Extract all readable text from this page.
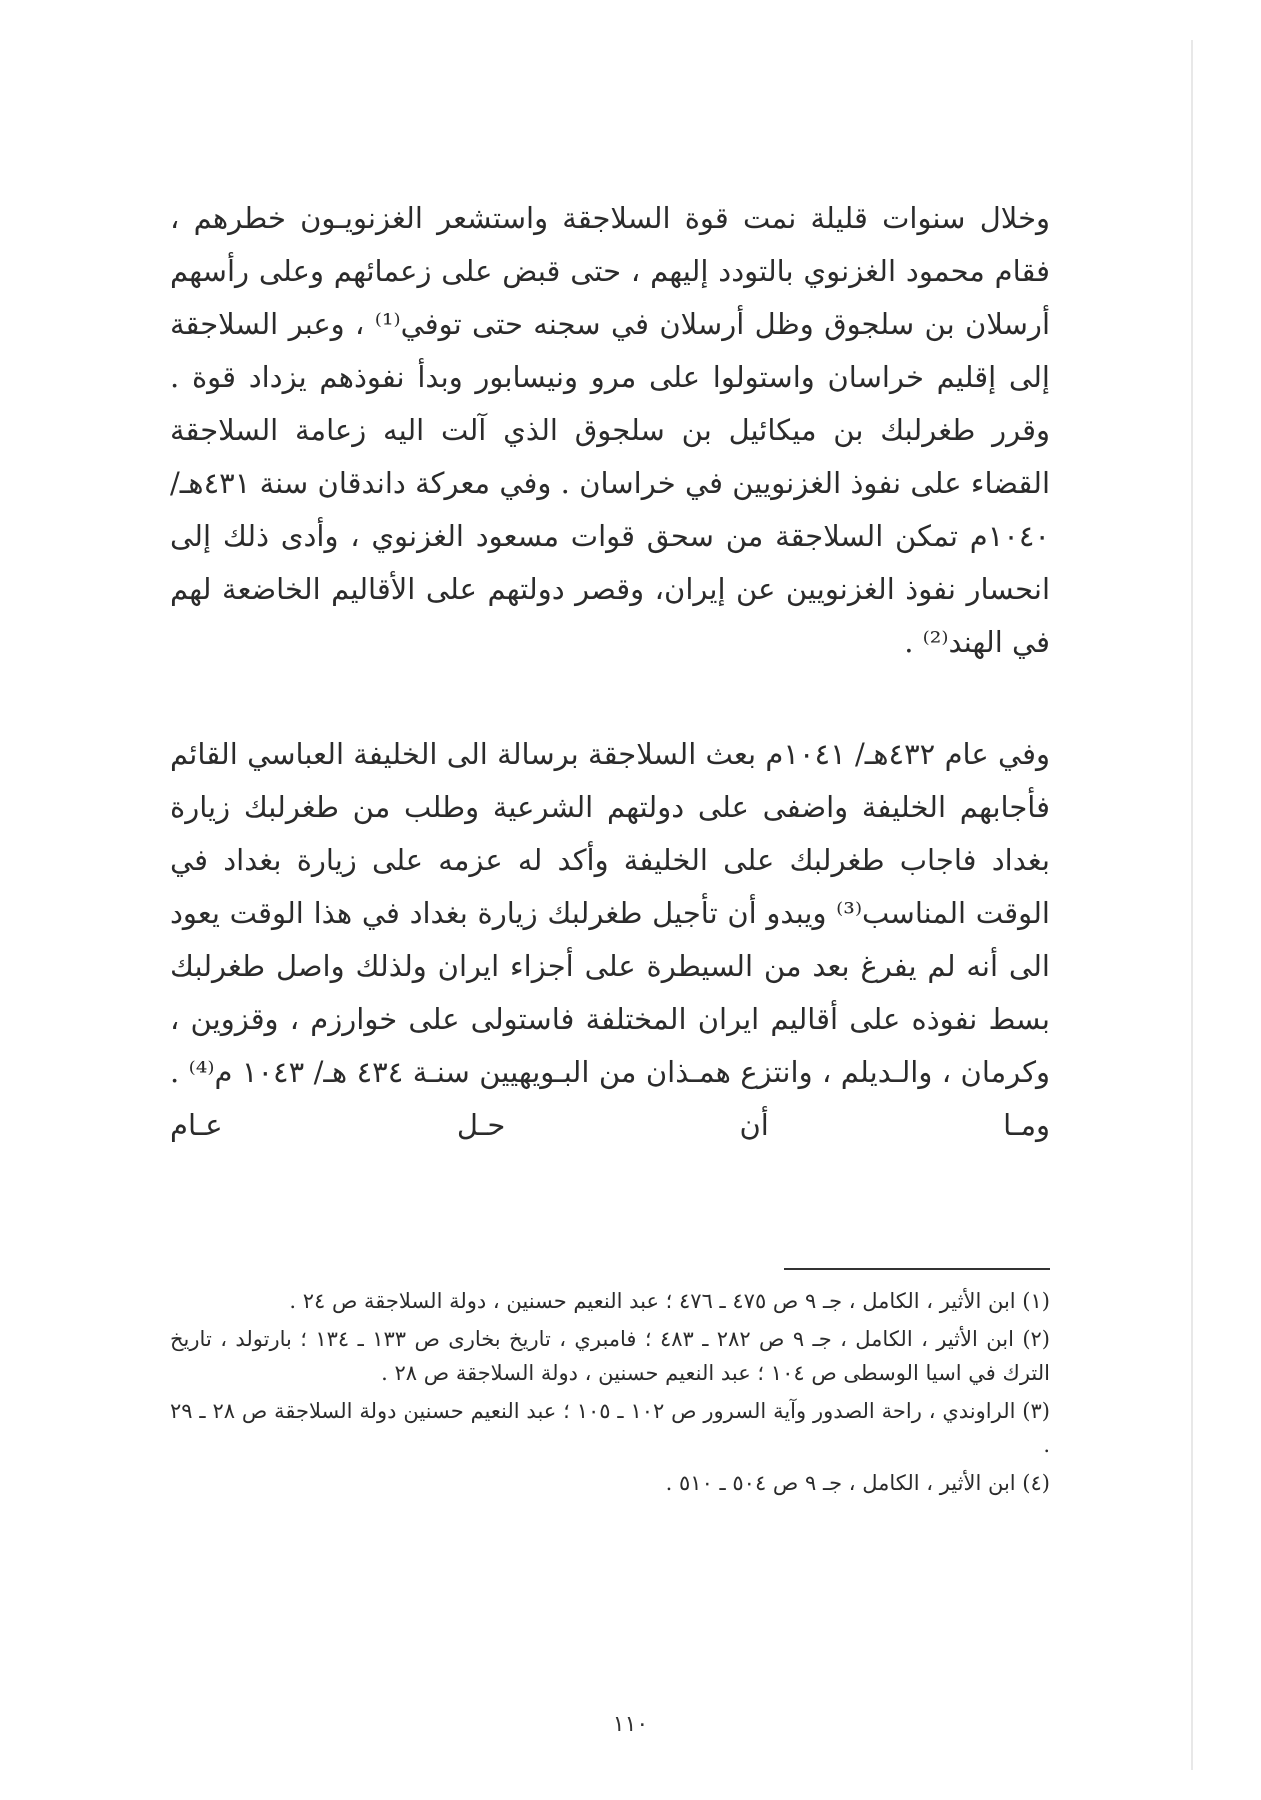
وخلال سنوات قليلة نمت قوة السلاجقة واستشعر الغزنويـون خطرهم ، فقام محمود الغزنوي بالتودد إليهم ، حتى قبض على زعمائهم وعلى رأسهم أرسلان بن سلجوق وظل أرسلان في سجنه حتى توفي⁽¹⁾ ، وعبر السلاجقة إلى إقليم خراسان واستولوا على مرو ونيسابور وبدأ نفوذهم يزداد قوة . وقرر طغرلبك بن ميكائيل بن سلجوق الذي آلت اليه زعامة السلاجقة القضاء على نفوذ الغزنويين في خراسان . وفي معركة داندقان سنة ٤٣١هـ/ ١٠٤٠م تمكن السلاجقة من سحق قوات مسعود الغزنوي ، وأدى ذلك إلى انحسار نفوذ الغزنويين عن إيران، وقصر دولتهم على الأقاليم الخاضعة لهم في الهند⁽²⁾ .

وفي عام ٤٣٢هـ/ ١٠٤١م بعث السلاجقة برسالة الى الخليفة العباسي القائم فأجابهم الخليفة واضفى على دولتهم الشرعية وطلب من طغرلبك زيارة بغداد فاجاب طغرلبك على الخليفة وأكد له عزمه على زيارة بغداد في الوقت المناسب⁽³⁾ ويبدو أن تأجيل طغرلبك زيارة بغداد في هذا الوقت يعود الى أنه لم يفرغ بعد من السيطرة على أجزاء ايران ولذلك واصل طغرلبك بسط نفوذه على أقاليم ايران المختلفة فاستولى على خوارزم ، وقزوين ، وكرمان ، والـديلم ، وانتزع همـذان من البـويهيين سنـة ٤٣٤ هـ/ ١٠٤٣ م⁽⁴⁾ . ومـا أن حـل عـام

(١) ابن الأثير ، الكامل ، جـ ٩ ص ٤٧٥ ـ ٤٧٦ ؛ عبد النعيم حسنين ، دولة السلاجقة ص ٢٤ .

(٢) ابن الأثير ، الكامل ، جـ ٩ ص ٢٨٢ ـ ٤٨٣ ؛ فامبري ، تاريخ بخارى ص ١٣٣ ـ ١٣٤ ؛ بارتولد ، تاريخ الترك في اسيا الوسطى ص ١٠٤ ؛ عبد النعيم حسنين ، دولة السلاجقة ص ٢٨ .

(٣) الراوندي ، راحة الصدور وآية السرور ص ١٠٢ ـ ١٠٥ ؛ عبد النعيم حسنين دولة السلاجقة ص ٢٨ ـ ٢٩ .

(٤) ابن الأثير ، الكامل ، جـ ٩ ص ٥٠٤ ـ ٥١٠ .

١١٠
